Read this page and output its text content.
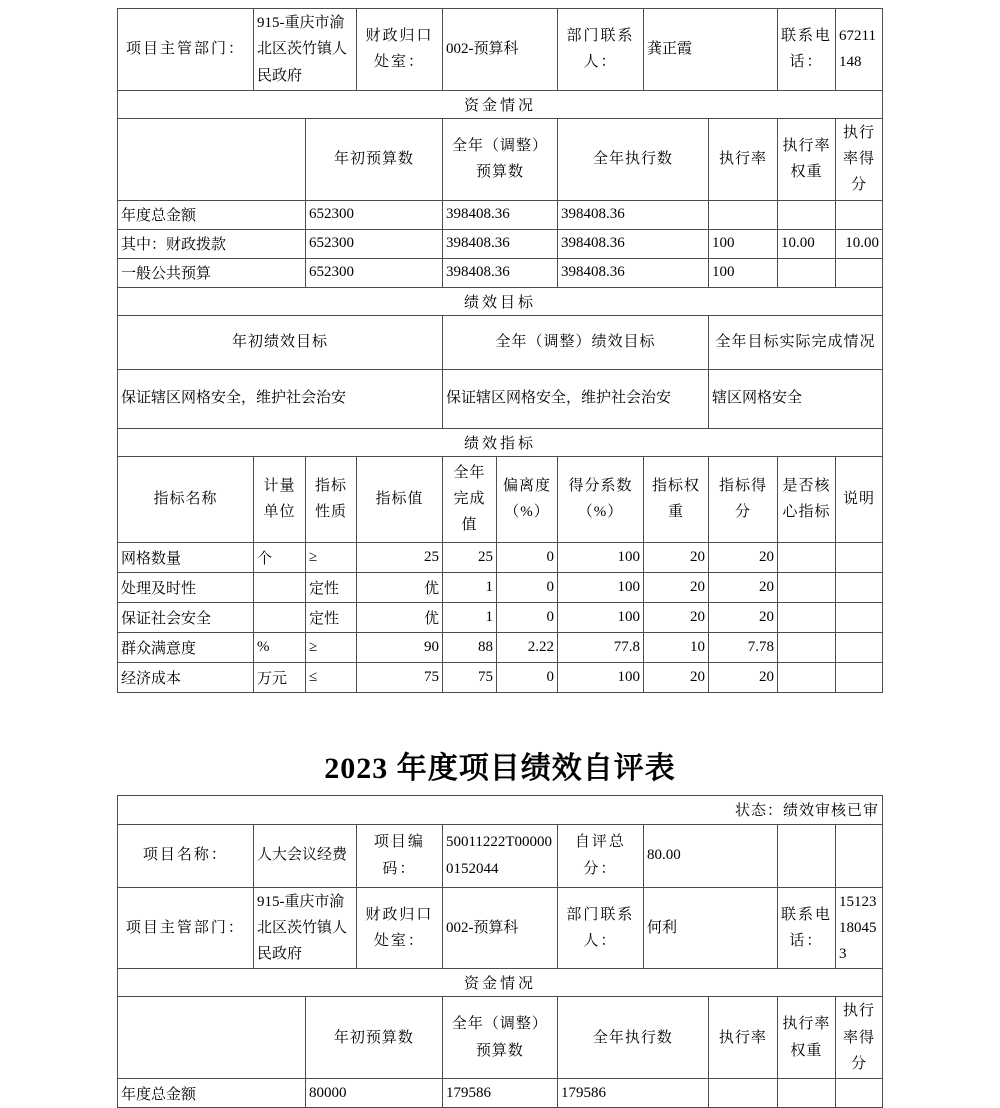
项目主管部门：	915-重庆市渝北区茨竹镇人民政府		财政归口处室：	002-预算科		部门联系人：	龚正霞		联系电话：	67211148
资金情况										
		年初预算数		全年（调整）预算数		全年执行数		执行率	执行率权重	执行率得分
年度总金额		652300		398408.36		398408.36				
其中：财政拨款		652300		398408.36		398408.36		100	10.00	10.00
一般公共预算		652300		398408.36		398408.36		100		
绩效目标										
年初绩效目标				全年（调整）绩效目标				全年目标实际完成情况		
保证辖区网格安全，维护社会治安				保证辖区网格安全，维护社会治安				辖区网格安全		
绩效指标										
指标名称	计量单位	指标性质	指标值	全年完成值	偏离度（%）	得分系数（%）	指标权重	指标得分	是否核心指标	说明
网格数量	个	≥	25	25	0	100	20	20		
处理及时性		定性	优	1	0	100	20	20		
保证社会安全		定性	优	1	0	100	20	20		
群众满意度	%	≥	90	88	2.22	77.8	10	7.78		
经济成本	万元	≤	75	75	0	100	20	20		
2023 年度项目绩效自评表
状态：绩效审核已审									
项目名称：	人大会议经费		项目编码：	50011222T000000152044	自评总分：	80.00			
项目主管部门：	915-重庆市渝北区茨竹镇人民政府		财政归口处室：	002-预算科	部门联系人：	何利		联系电话：	15123180453
资金情况									
		年初预算数		全年（调整）预算数	全年执行数		执行率	执行率权重	执行率得分
年度总金额		80000		179586	179586				
